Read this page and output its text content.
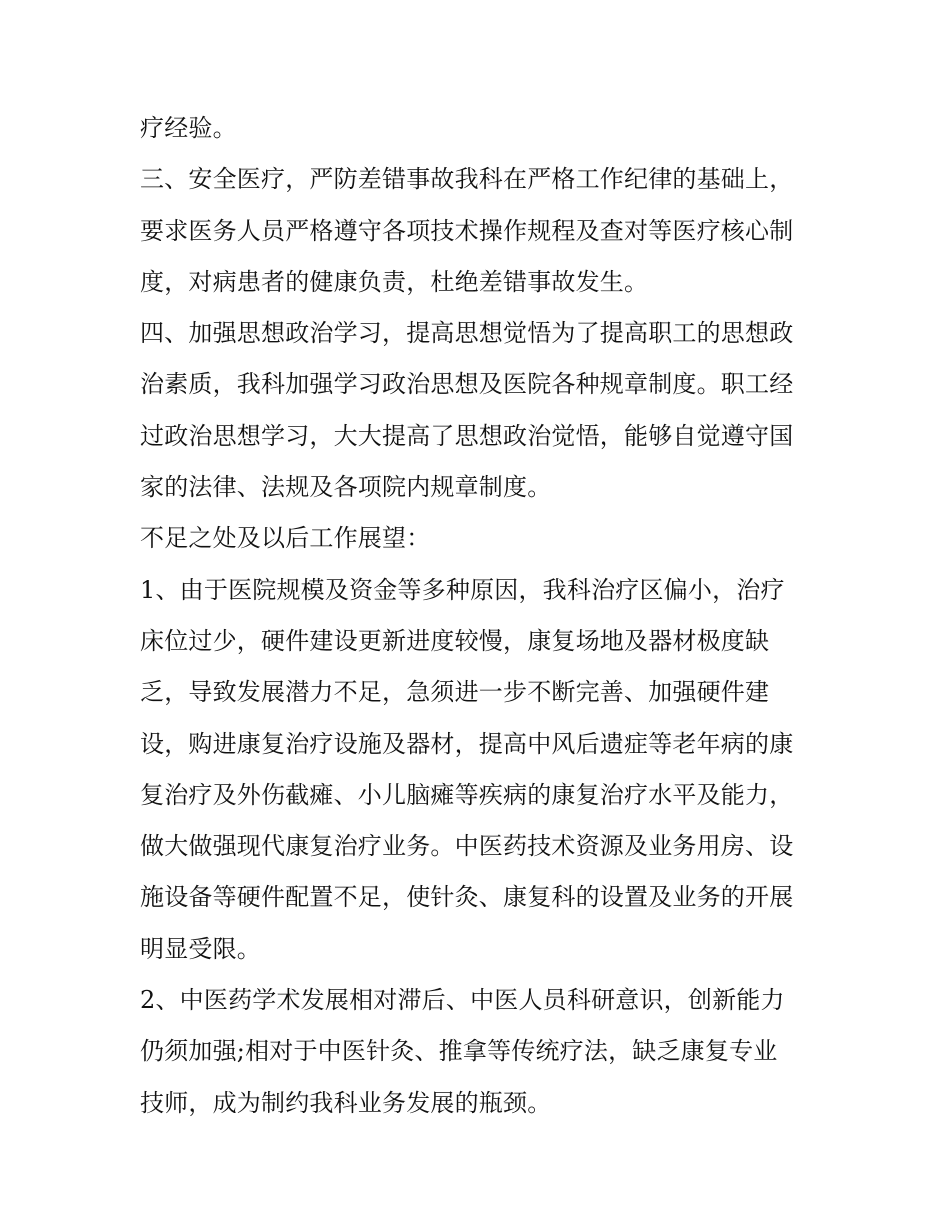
疗经验。
三、安全医疗，严防差错事故我科在严格工作纪律的基础上，
要求医务人员严格遵守各项技术操作规程及查对等医疗核心制
度，对病患者的健康负责，杜绝差错事故发生。
四、加强思想政治学习，提高思想觉悟为了提高职工的思想政
治素质，我科加强学习政治思想及医院各种规章制度。职工经
过政治思想学习，大大提高了思想政治觉悟，能够自觉遵守国
家的法律、法规及各项院内规章制度。
不足之处及以后工作展望：
1、由于医院规模及资金等多种原因，我科治疗区偏小，治疗
床位过少，硬件建设更新进度较慢，康复场地及器材极度缺
乏，导致发展潜力不足，急须进一步不断完善、加强硬件建
设，购进康复治疗设施及器材，提高中风后遗症等老年病的康
复治疗及外伤截瘫、小儿脑瘫等疾病的康复治疗水平及能力，
做大做强现代康复治疗业务。中医药技术资源及业务用房、设
施设备等硬件配置不足，使针灸、康复科的设置及业务的开展
明显受限。
2、中医药学术发展相对滞后、中医人员科研意识，创新能力
仍须加强;相对于中医针灸、推拿等传统疗法，缺乏康复专业
技师，成为制约我科业务发展的瓶颈。
